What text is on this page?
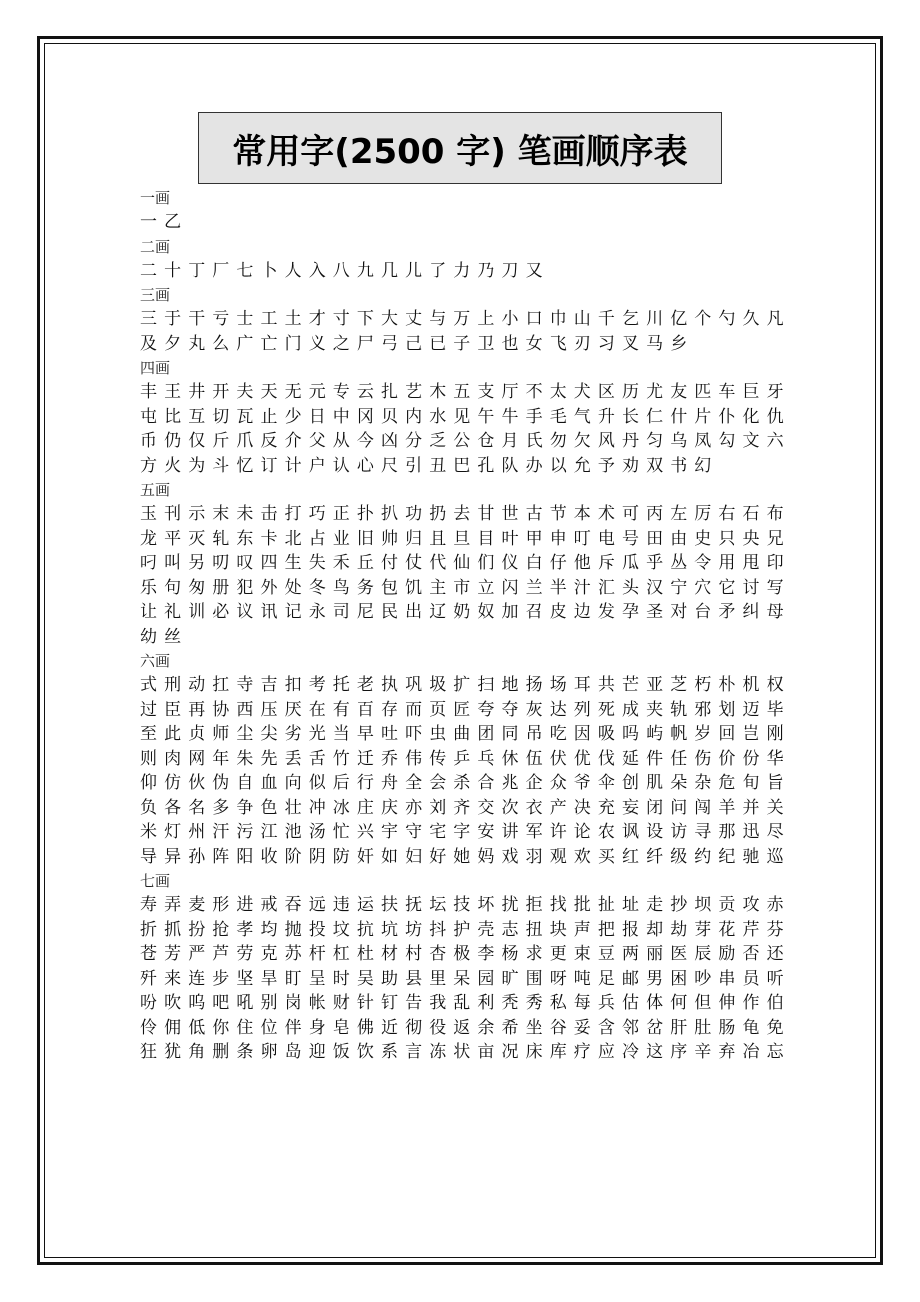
常用字(2500 字) 笔画顺序表
一画
一乙
二画
二十丁厂七卜人入八九几儿了力乃刀又
三画
三于干亏士工土才寸下大丈与万上小口巾山千乞川亿个勺久凡及夕丸么广亡门义之尸弓己已子卫也女飞刃习叉马乡
四画
丰王井开夫天无元专云扎艺木五支厅不太犬区历尤友匹车巨牙屯比互切瓦止少日中冈贝内水见午牛手毛气升长仁什片仆化仇币仍仅斤爪反介父从今凶分乏公仓月氏勿欠风丹匀乌凤勾文六方火为斗忆订计户认心尺引丑巴孔队办以允予劝双书幻
五画
玉刊示末未击打巧正扑扒功扔去甘世古节本术可丙左厉右石布龙平灭轧东卡北占业旧帅归且旦目叶甲申叮电号田由史只央兄叼叫另叨叹四生失禾丘付仗代仙们仪白仔他斥瓜乎丛令用甩印乐句匆册犯外处冬鸟务包饥主市立闪兰半汁汇头汉宁穴它讨写让礼训必议讯记永司尼民出辽奶奴加召皮边发孕圣对台矛纠母幼丝
六画
式刑动扛寺吉扣考托老执巩圾扩扫地扬场耳共芒亚芝朽朴机权过臣再协西压厌在有百存而页匠夸夺灰达列死成夹轨邪划迈毕至此贞师尘尖劣光当早吐吓虫曲团同吊吃因吸吗屿帆岁回岂刚则肉网年朱先丢舌竹迁乔伟传乒乓休伍伏优伐延件任伤价份华仰仿伙伪自血向似后行舟全会杀合兆企众爷伞创肌朵杂危旬旨负各名多争色壮冲冰庄庆亦刘齐交次衣产决充妄闭问闯羊并关米灯州汗污江池汤忙兴宇守宅字安讲军许论农讽设访寻那迅尽导异孙阵阳收阶阴防奸如妇好她妈戏羽观欢买红纤级约纪驰巡
七画
寿弄麦形进戒吞远违运扶抚坛技坏扰拒找批扯址走抄坝贡攻赤折抓扮抢孝均抛投坟抗坑坊抖护壳志扭块声把报却劫芽花芹芬苍芳严芦劳克苏杆杠杜材村杏极李杨求更束豆两丽医辰励否还歼来连步坚旱盯呈时吴助县里呆园旷围呀吨足邮男困吵串员听吩吹呜吧吼别岗帐财针钉告我乱利秃秀私每兵估体何但伸作伯伶佣低你住位伴身皂佛近彻役返余希坐谷妥含邻岔肝肚肠龟免狂犹角删条卵岛迎饭饮系言冻状亩况床库疗应冷这序辛弃冶忘
